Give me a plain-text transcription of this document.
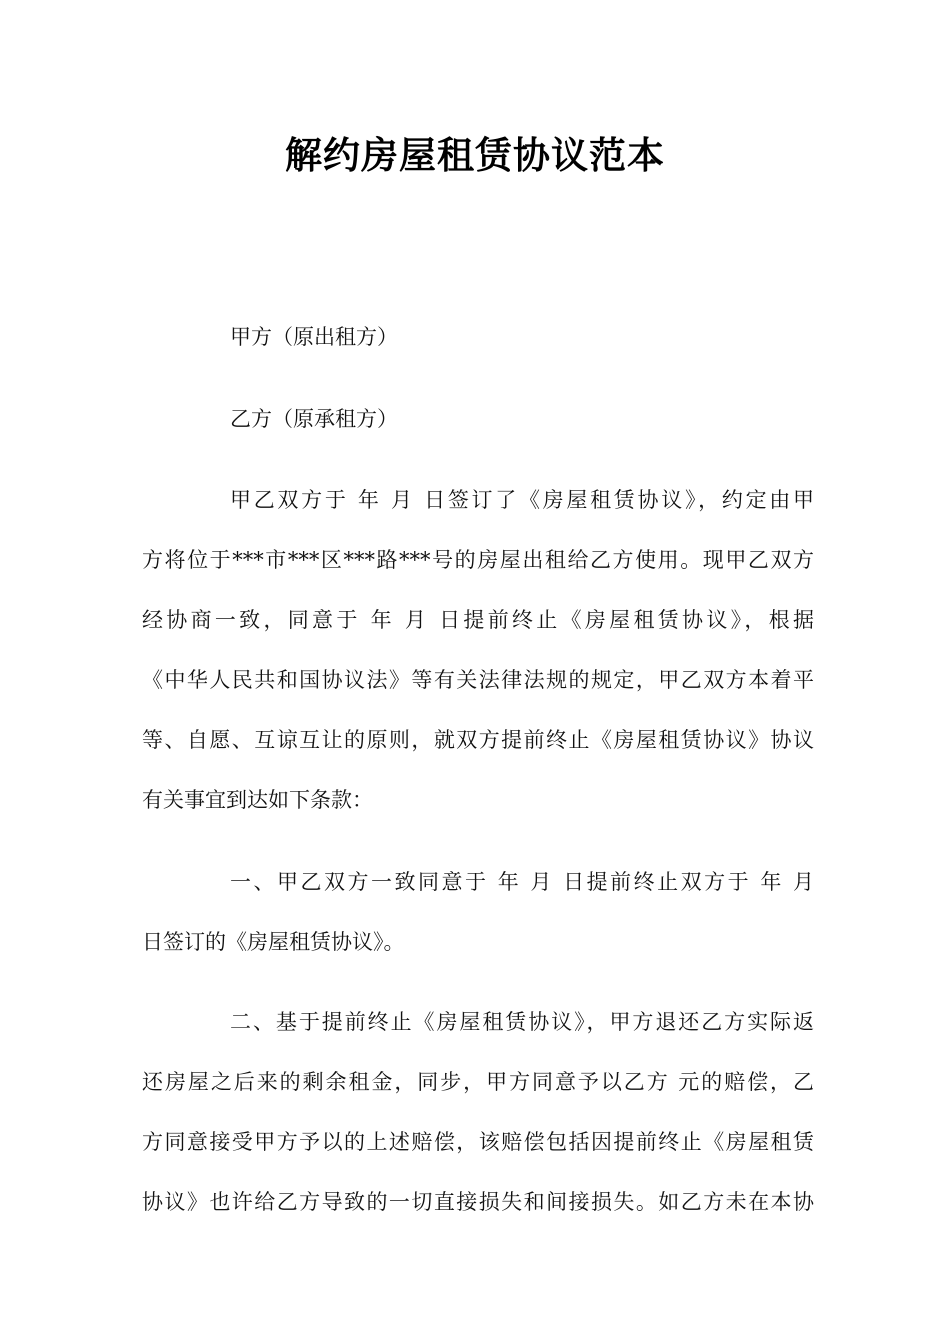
解约房屋租赁协议范本
甲方（原出租方）
乙方（原承租方）
甲乙双方于 年 月 日签订了《房屋租赁协议》，约定由甲
方将位于***市***区***路***号的房屋出租给乙方使用。现甲乙双方
经协商一致，同意于 年 月 日提前终止《房屋租赁协议》，根据
《中华人民共和国协议法》等有关法律法规的规定，甲乙双方本着平
等、自愿、互谅互让的原则，就双方提前终止《房屋租赁协议》协议
有关事宜到达如下条款：
一、甲乙双方一致同意于 年 月 日提前终止双方于 年 月
日签订的《房屋租赁协议》。
二、基于提前终止《房屋租赁协议》，甲方退还乙方实际返
还房屋之后来的剩余租金，同步，甲方同意予以乙方 元的赔偿，乙
方同意接受甲方予以的上述赔偿，该赔偿包括因提前终止《房屋租赁
协议》也许给乙方导致的一切直接损失和间接损失。如乙方未在本协
